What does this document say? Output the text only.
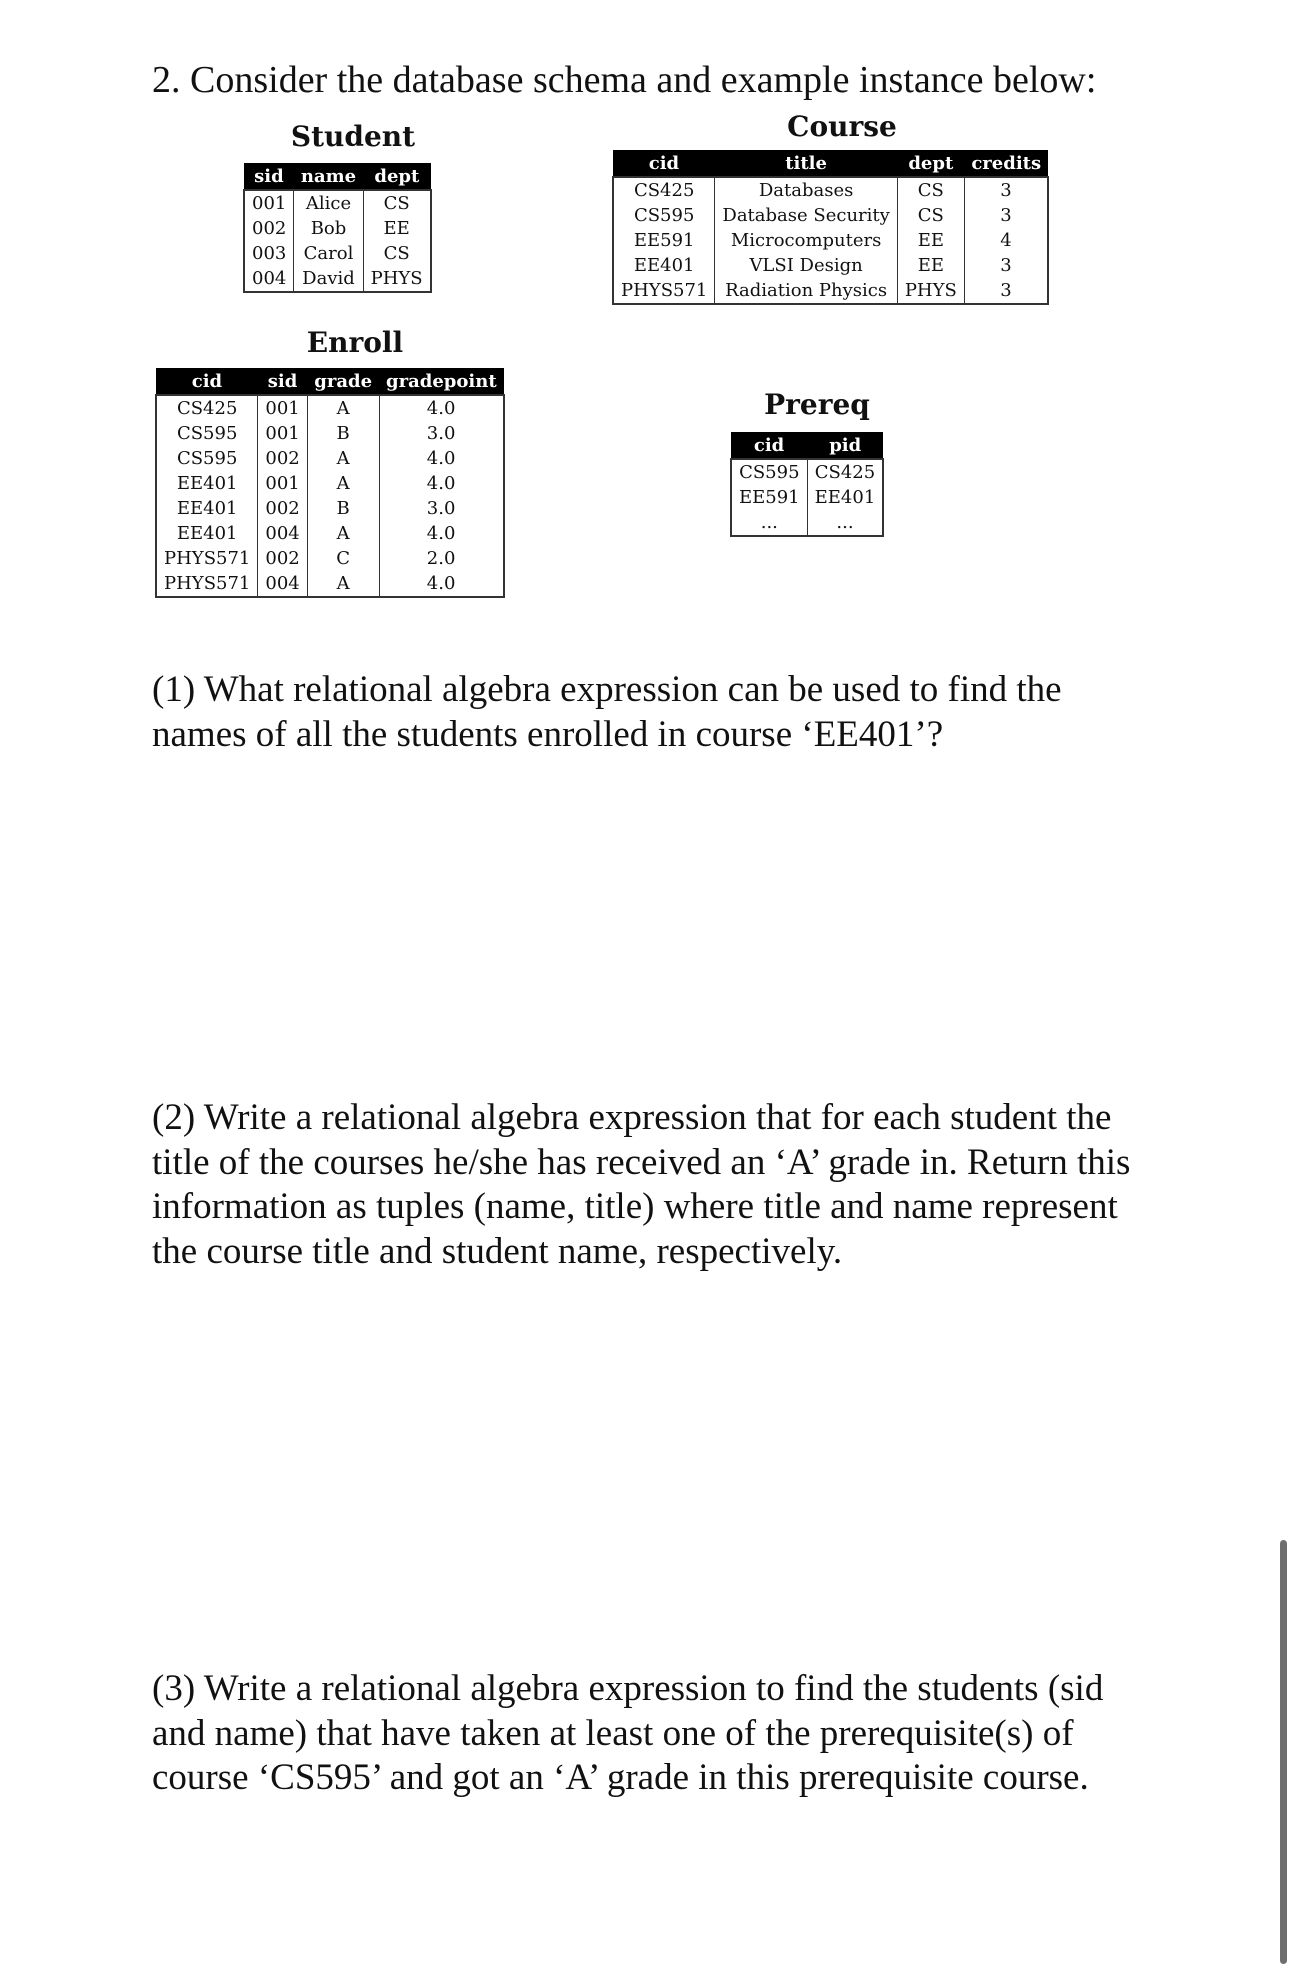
2. Consider the database schema and example instance below:
Student
sid	name	dept
001	Alice	CS
002	Bob	EE
003	Carol	CS
004	David	PHYS
Course
cid	title	dept	credits
CS425	Databases	CS	3
CS595	Database Security	CS	3
EE591	Microcomputers	EE	4
EE401	VLSI Design	EE	3
PHYS571	Radiation Physics	PHYS	3
Enroll
cid	sid	grade	gradepoint
CS425	001	A	4.0
CS595	001	B	3.0
CS595	002	A	4.0
EE401	001	A	4.0
EE401	002	B	3.0
EE401	004	A	4.0
PHYS571	002	C	2.0
PHYS571	004	A	4.0
Prereq
cid	pid
CS595	CS425
EE591	EE401
...	...
(1) What relational algebra expression can be used to find the names of all the students enrolled in course ‘EE401’?
(2) Write a relational algebra expression that for each student the title of the courses he/she has received an ‘A’ grade in. Return this information as tuples (name, title) where title and name represent the course title and student name, respectively.
(3) Write a relational algebra expression to find the students (sid and name) that have taken at least one of the prerequisite(s) of course ‘CS595’ and got an ‘A’ grade in this prerequisite course.
